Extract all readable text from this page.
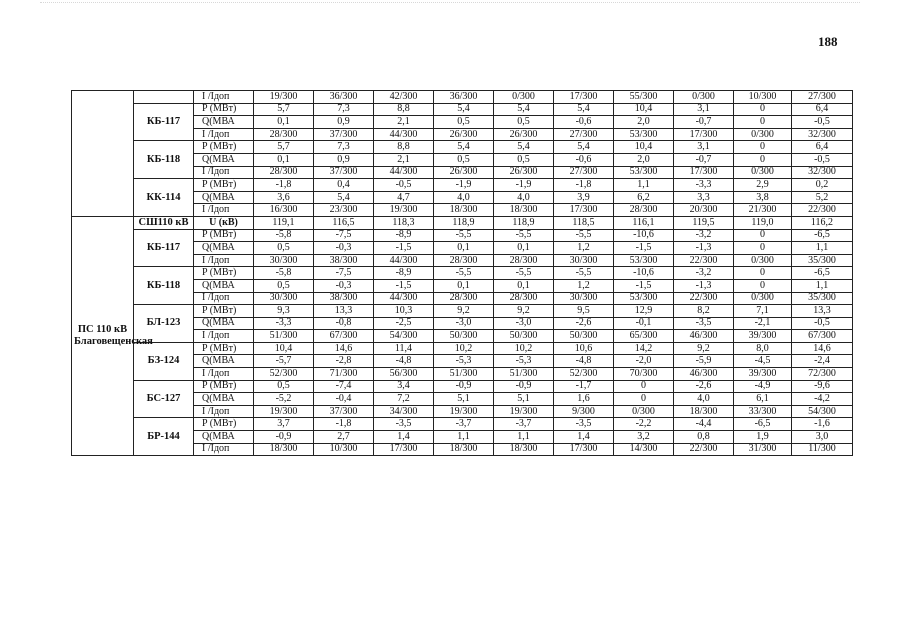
188
		I /Iдоп	19/300	36/300	42/300	36/300	0/300	17/300	55/300	0/300	10/300	27/300
	КБ-117	P (МВт)	5,7	7,3	8,8	5,4	5,4	5,4	10,4	3,1	0	6,4
		Q(МВА	0,1	0,9	2,1	0,5	0,5	-0,6	2,0	-0,7	0	-0,5
		I /Iдоп	28/300	37/300	44/300	26/300	26/300	27/300	53/300	17/300	0/300	32/300
	КБ-118	P (МВт)	5,7	7,3	8,8	5,4	5,4	5,4	10,4	3,1	0	6,4
		Q(МВА	0,1	0,9	2,1	0,5	0,5	-0,6	2,0	-0,7	0	-0,5
		I /Iдоп	28/300	37/300	44/300	26/300	26/300	27/300	53/300	17/300	0/300	32/300
	КК-114	P (МВт)	-1,8	0,4	-0,5	-1,9	-1,9	-1,8	1,1	-3,3	2,9	0,2
		Q(МВА	3,6	5,4	4,7	4,0	4,0	3,9	6,2	3,3	3,8	5,2
		I /Iдоп	16/300	23/300	19/300	18/300	18/300	17/300	28/300	20/300	21/300	22/300
ПС 110 кВ Благовещенская	СШ110 кВ	U (кВ)	119,1	116,5	118,3	118,9	118,9	118,5	116,1	119,5	119,0	116,2
	КБ-117	P (МВт)	-5,8	-7,5	-8,9	-5,5	-5,5	-5,5	-10,6	-3,2	0	-6,5
		Q(МВА	0,5	-0,3	-1,5	0,1	0,1	1,2	-1,5	-1,3	0	1,1
		I /Iдоп	30/300	38/300	44/300	28/300	28/300	30/300	53/300	22/300	0/300	35/300
	КБ-118	P (МВт)	-5,8	-7,5	-8,9	-5,5	-5,5	-5,5	-10,6	-3,2	0	-6,5
		Q(МВА	0,5	-0,3	-1,5	0,1	0,1	1,2	-1,5	-1,3	0	1,1
		I /Iдоп	30/300	38/300	44/300	28/300	28/300	30/300	53/300	22/300	0/300	35/300
	БЛ-123	P (МВт)	9,3	13,3	10,3	9,2	9,2	9,5	12,9	8,2	7,1	13,3
		Q(МВА	-3,3	-0,8	-2,5	-3,0	-3,0	-2,6	-0,1	-3,5	-2,1	-0,5
		I /Iдоп	51/300	67/300	54/300	50/300	50/300	50/300	65/300	46/300	39/300	67/300
	БЗ-124	P (МВт)	10,4	14,6	11,4	10,2	10,2	10,6	14,2	9,2	8,0	14,6
		Q(МВА	-5,7	-2,8	-4,8	-5,3	-5,3	-4,8	-2,0	-5,9	-4,5	-2,4
		I /Iдоп	52/300	71/300	56/300	51/300	51/300	52/300	70/300	46/300	39/300	72/300
	БС-127	P (МВт)	0,5	-7,4	3,4	-0,9	-0,9	-1,7	0	-2,6	-4,9	-9,6
		Q(МВА	-5,2	-0,4	7,2	5,1	5,1	1,6	0	4,0	6,1	-4,2
		I /Iдоп	19/300	37/300	34/300	19/300	19/300	9/300	0/300	18/300	33/300	54/300
	БР-144	P (МВт)	3,7	-1,8	-3,5	-3,7	-3,7	-3,5	-2,2	-4,4	-6,5	-1,6
		Q(МВА	-0,9	2,7	1,4	1,1	1,1	1,4	3,2	0,8	1,9	3,0
		I /Iдоп	18/300	10/300	17/300	18/300	18/300	17/300	14/300	22/300	31/300	11/300
